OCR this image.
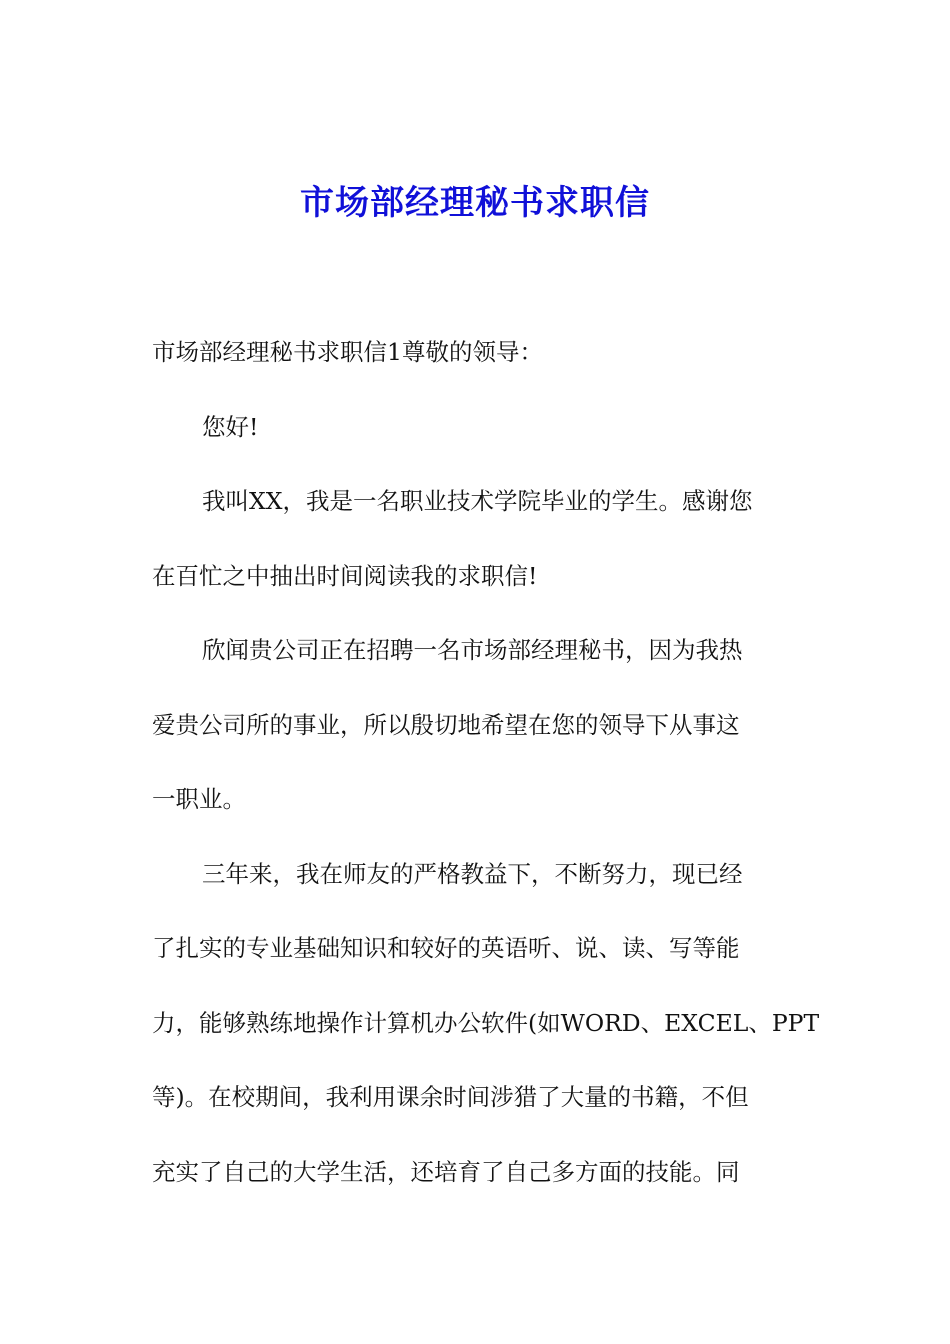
市场部经理秘书求职信

市场部经理秘书求职信1尊敬的领导：

您好!

我叫XX，我是一名职业技术学院毕业的学生。感谢您

在百忙之中抽出时间阅读我的求职信!

欣闻贵公司正在招聘一名市场部经理秘书，因为我热

爱贵公司所的事业，所以殷切地希望在您的领导下从事这

一职业。

三年来，我在师友的严格教益下，不断努力，现已经

了扎实的专业基础知识和较好的英语听、说、读、写等能

力，能够熟练地操作计算机办公软件(如WORD、EXCEL、PPT

等)。在校期间，我利用课余时间涉猎了大量的书籍，不但

充实了自己的大学生活，还培育了自己多方面的技能。同
